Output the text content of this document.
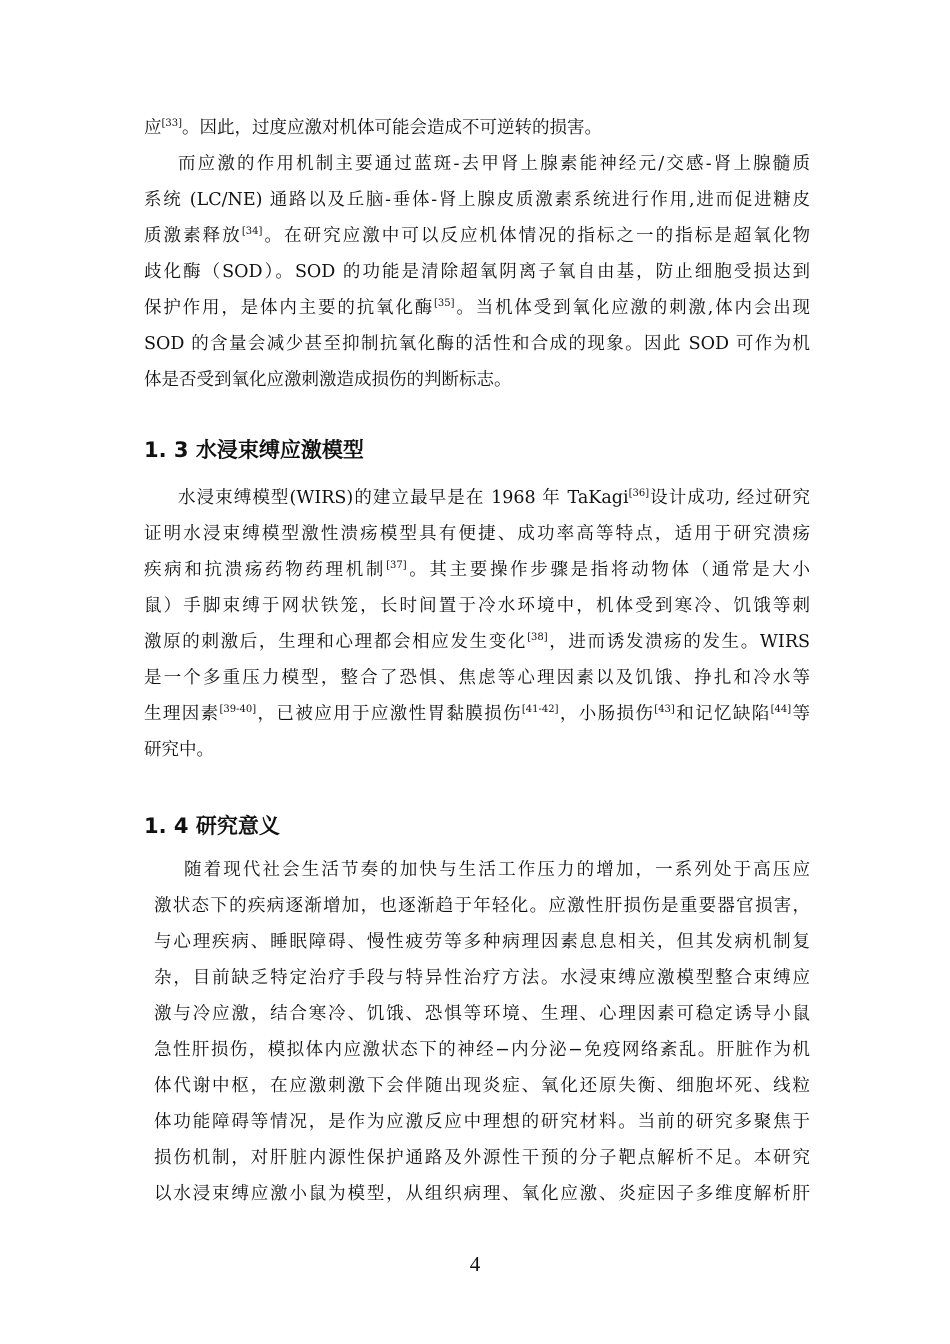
应[33]。因此，过度应激对机体可能会造成不可逆转的损害。
而应激的作用机制主要通过蓝斑-去甲肾上腺素能神经元/交感-肾上腺髓质
系统 (LC/NE) 通路以及丘脑-垂体-肾上腺皮质激素系统进行作用,进而促进糖皮
质激素释放[34]。在研究应激中可以反应机体情况的指标之一的指标是超氧化物
歧化酶（SOD）。SOD 的功能是清除超氧阴离子氧自由基，防止细胞受损达到
保护作用，是体内主要的抗氧化酶[35]。当机体受到氧化应激的刺激,体内会出现
SOD 的含量会减少甚至抑制抗氧化酶的活性和合成的现象。因此 SOD 可作为机
体是否受到氧化应激刺激造成损伤的判断标志。
水浸束缚模型(WIRS)的建立最早是在 1968 年 TaKagi[36]设计成功, 经过研究
证明水浸束缚模型激性溃疡模型具有便捷、成功率高等特点，适用于研究溃疡
疾病和抗溃疡药物药理机制[37]。其主要操作步骤是指将动物体（通常是大小
鼠）手脚束缚于网状铁笼，长时间置于冷水环境中，机体受到寒冷、饥饿等刺
激原的刺激后，生理和心理都会相应发生变化[38]，进而诱发溃疡的发生。WIRS
是一个多重压力模型，整合了恐惧、焦虑等心理因素以及饥饿、挣扎和冷水等
生理因素[39-40]，已被应用于应激性胃黏膜损伤[41-42]，小肠损伤[43]和记忆缺陷[44]等
研究中。
随着现代社会生活节奏的加快与生活工作压力的增加，一系列处于高压应
激状态下的疾病逐渐增加，也逐渐趋于年轻化。应激性肝损伤是重要器官损害，
与心理疾病、睡眠障碍、慢性疲劳等多种病理因素息息相关，但其发病机制复
杂，目前缺乏特定治疗手段与特异性治疗方法。水浸束缚应激模型整合束缚应
激与冷应激，结合寒冷、饥饿、恐惧等环境、生理、心理因素可稳定诱导小鼠
急性肝损伤，模拟体内应激状态下的神经−内分泌−免疫网络紊乱。肝脏作为机
体代谢中枢，在应激刺激下会伴随出现炎症、氧化还原失衡、细胞坏死、线粒
体功能障碍等情况，是作为应激反应中理想的研究材料。当前的研究多聚焦于
损伤机制，对肝脏内源性保护通路及外源性干预的分子靶点解析不足。本研究
以水浸束缚应激小鼠为模型，从组织病理、氧化应激、炎症因子多维度解析肝
1. 3 水浸束缚应激模型
1. 4 研究意义
4
